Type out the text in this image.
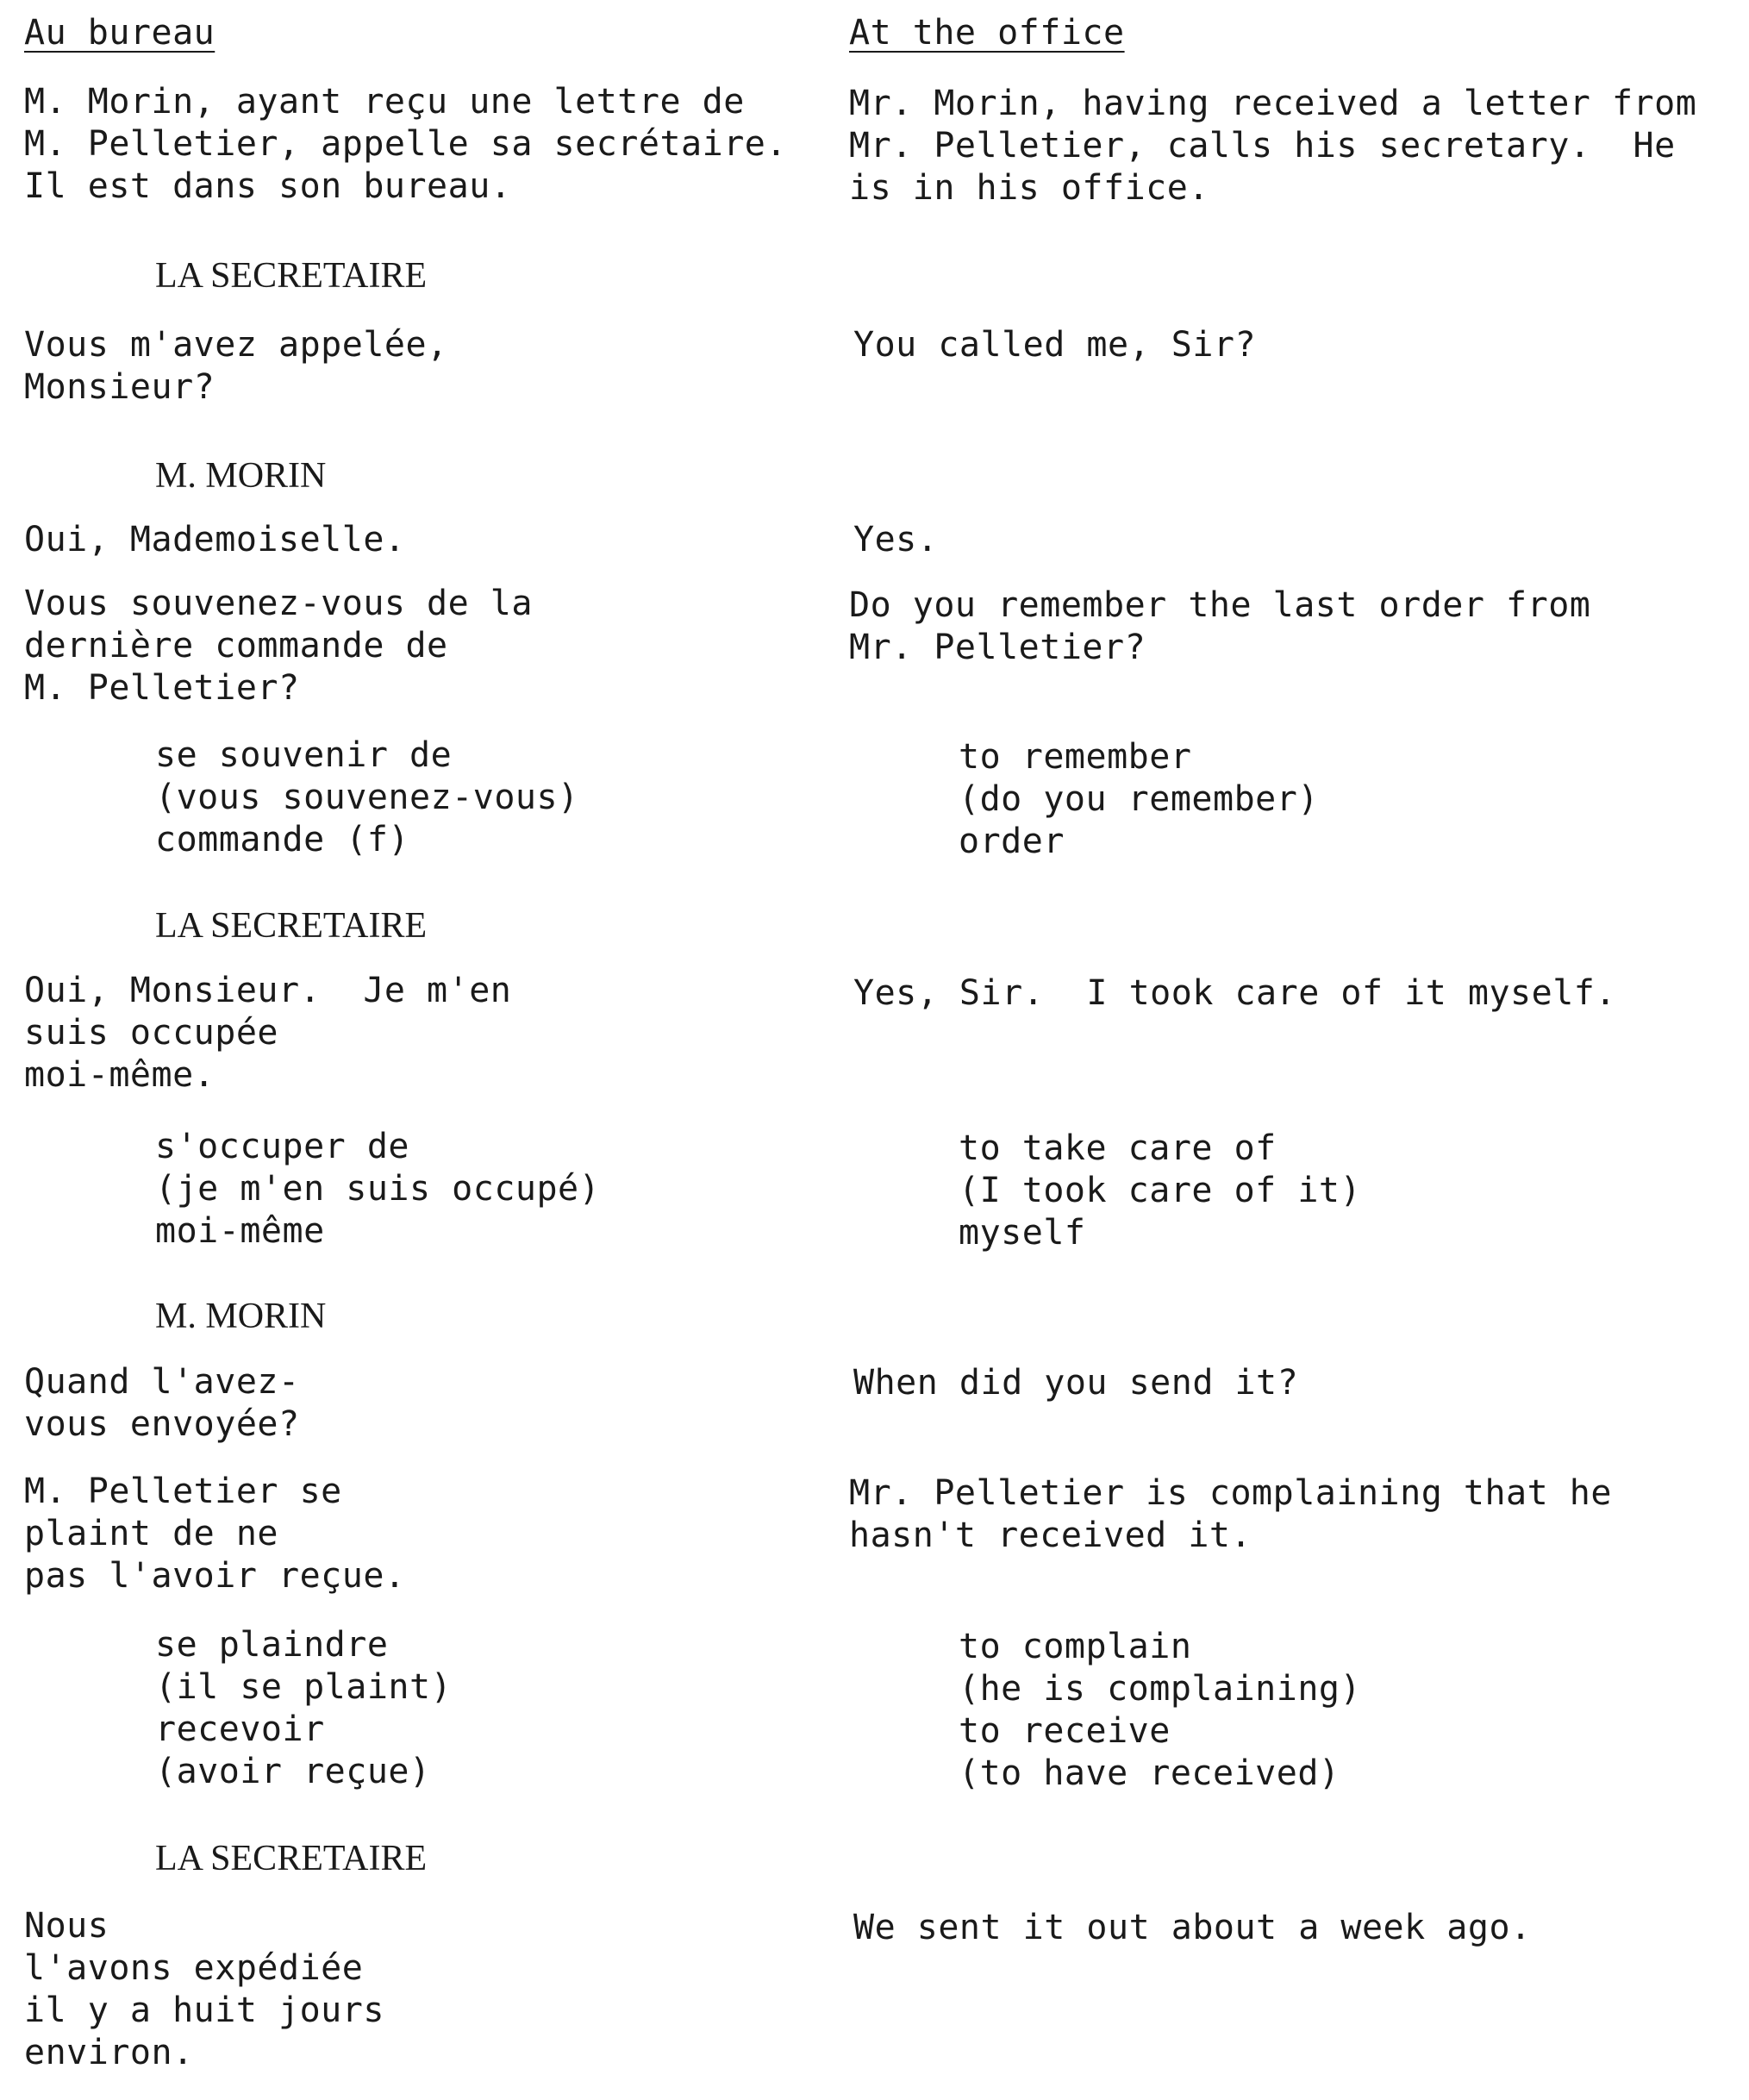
Au bureau	At the office
M. Morin, ayant reçu une lettre de
M. Pelletier, appelle sa secrétaire.
Il est dans son bureau.
Mr. Morin, having received a letter from
Mr. Pelletier, calls his secretary.  He
is in his office.
LA SECRETAIRE
Vous m'avez appelée,
Monsieur?
You called me, Sir?
M. MORIN
Oui, Mademoiselle.	Yes.
Vous souvenez-vous de la
dernière commande de
M. Pelletier?
Do you remember the last order from
Mr. Pelletier?
se souvenir de
(vous souvenez-vous)
commande (f)
to remember
(do you remember)
order
LA SECRETAIRE
Oui, Monsieur.  Je m'en
suis occupée
moi-même.
Yes, Sir.  I took care of it myself.
s'occuper de
(je m'en suis occupé)
moi-même
to take care of
(I took care of it)
myself
M. MORIN
Quand l'avez-
vous envoyée?
When did you send it?
M. Pelletier se
plaint de ne
pas l'avoir reçue.
Mr. Pelletier is complaining that he
hasn't received it.
se plaindre
(il se plaint)
recevoir
(avoir reçue)
to complain
(he is complaining)
to receive
(to have received)
LA SECRETAIRE
Nous
l'avons expédiée
il y a huit jours
environ.
We sent it out about a week ago.
